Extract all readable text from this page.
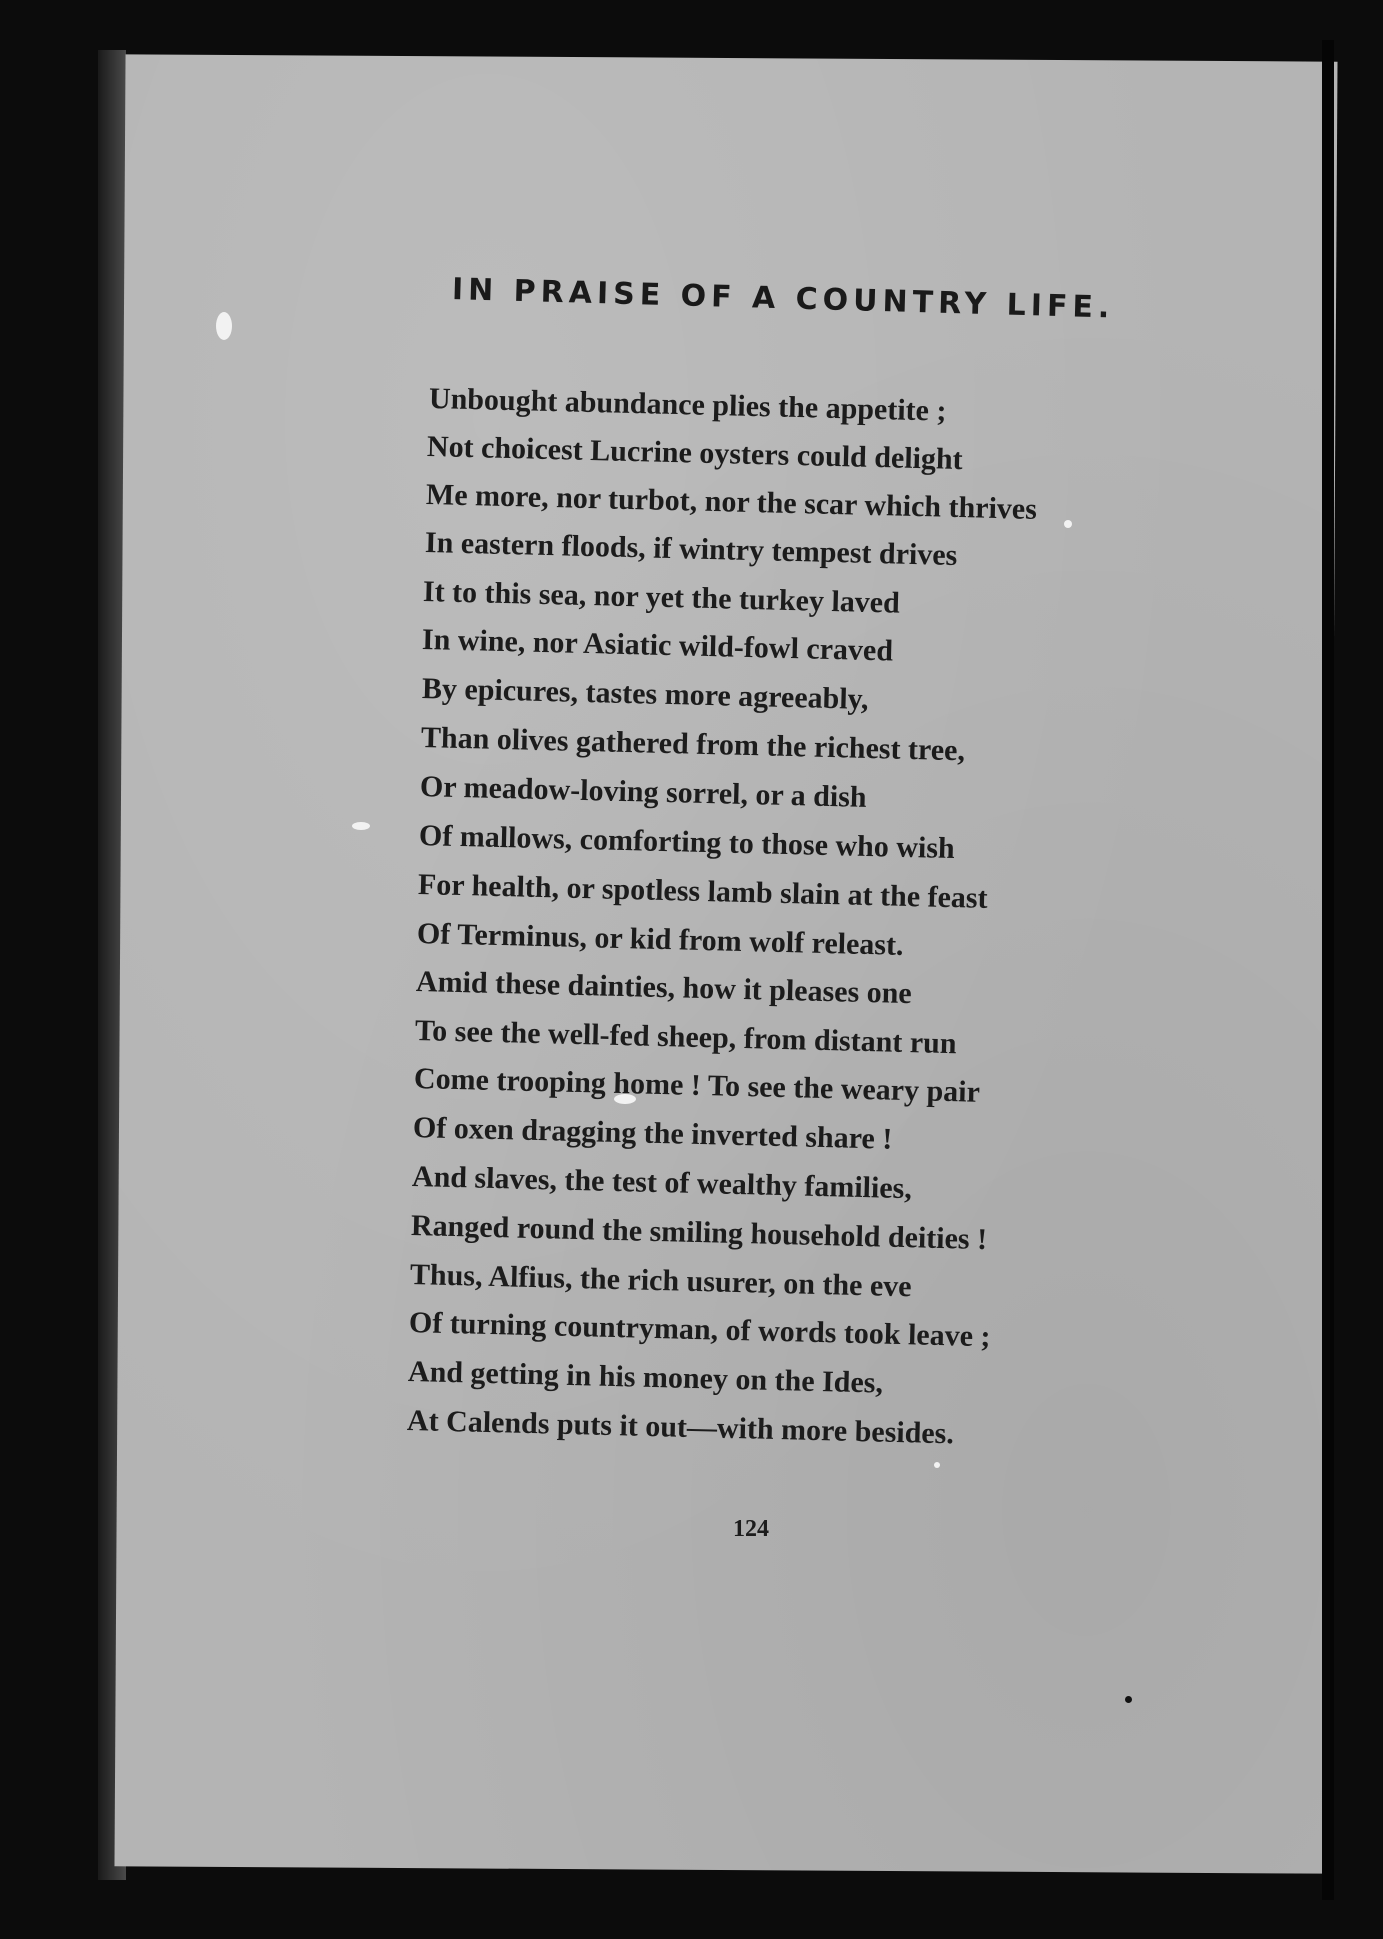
IN PRAISE OF A COUNTRY LIFE.
Unbought abundance plies the appetite ;
Not choicest Lucrine oysters could delight
Me more, nor turbot, nor the scar which thrives
In eastern floods, if wintry tempest drives
It to this sea, nor yet the turkey laved
In wine, nor Asiatic wild-fowl craved
By epicures, tastes more agreeably,
Than olives gathered from the richest tree,
Or meadow-loving sorrel, or a dish
Of mallows, comforting to those who wish
For health, or spotless lamb slain at the feast
Of Terminus, or kid from wolf releast.
Amid these dainties, how it pleases one
To see the well-fed sheep, from distant run
Come trooping home ! To see the weary pair
Of oxen dragging the inverted share !
And slaves, the test of wealthy families,
Ranged round the smiling household deities !
Thus, Alfius, the rich usurer, on the eve
Of turning countryman, of words took leave ;
And getting in his money on the Ides,
At Calends puts it out—with more besides.
124
